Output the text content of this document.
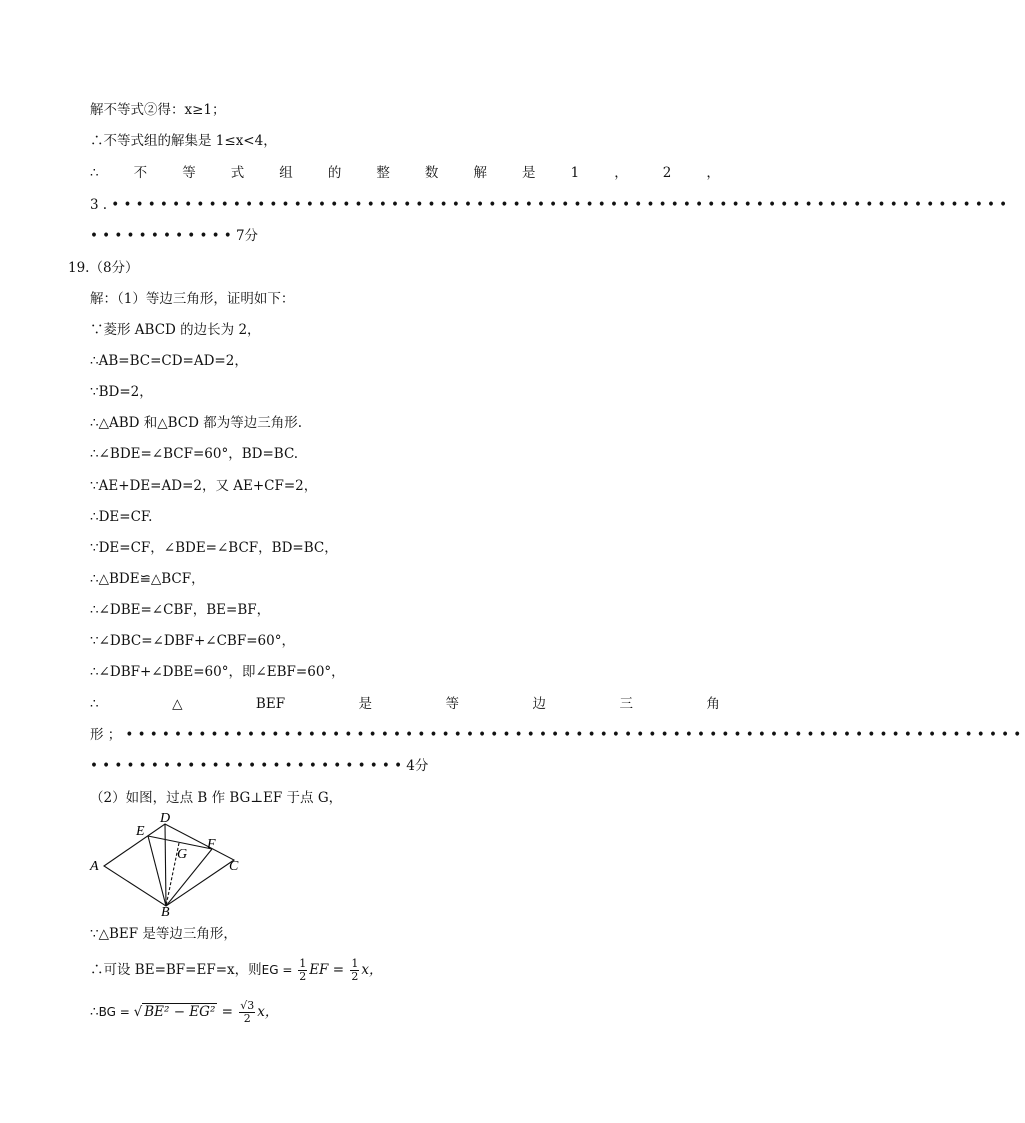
解不等式②得：x≥1；
∴不等式组的解集是 1≤x<4，
∴	不	等	式	组	的	整	数	解	是	1	，	2	，
3.••••••••••••••••••••••••••••••••••••••••••••••••••••••••••••••••••••••••••
••••••••••••7分
19.（8分）
解：（1）等边三角形，证明如下：
∵菱形 ABCD 的边长为 2，
∴AB=BC=CD=AD=2，
∵BD=2，
∴△ABD 和△BCD 都为等边三角形.
∴∠BDE=∠BCF=60°，BD=BC.
∵AE+DE=AD=2，又 AE+CF=2，
∴DE=CF.
∵DE=CF，∠BDE=∠BCF，BD=BC，
∴△BDE≌△BCF，
∴∠DBE=∠CBF，BE=BF，
∵∠DBC=∠DBF+∠CBF=60°，
∴∠DBF+∠DBE=60°，即∠EBF=60°，
∴	△	BEF	是	等	边	三	角
形；••••••••••••••••••••••••••••••••••••••••••••••••••••••••••••••••••••••••••
••••••••••••••••••••••••••4分
（2）如图，过点 B 作 BG⊥EF 于点 G，
A
B
C
D
E
F
G
∵△BEF 是等边三角形，
∴可设 BE=BF=EF=x，则EG = $\frac{1}{2}$ EF = $\frac{1}{2}$ x，
∴BG = √ $BE^2 - EG^2 = \frac{√3}{2}$ x，
